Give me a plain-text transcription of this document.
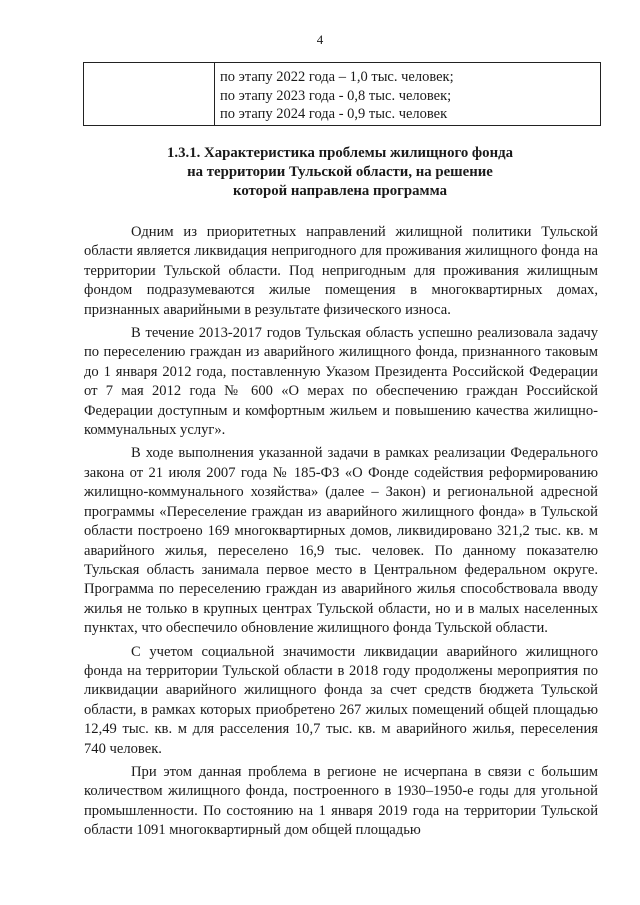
4
по этапу 2022 года – 1,0 тыс. человек;
по этапу 2023 года - 0,8 тыс. человек;
по этапу 2024 года - 0,9 тыс. человек
1.3.1. Характеристика проблемы жилищного фонда
на территории Тульской области, на решение
которой направлена программа

Одним из приоритетных направлений жилищной политики Тульской области является ликвидация непригодного для проживания жилищного фонда на территории Тульской области. Под непригодным для проживания жилищным фондом подразумеваются жилые помещения в многоквартирных домах, признанных аварийными в результате физического износа.

В течение 2013-2017 годов Тульская область успешно реализовала задачу по переселению граждан из аварийного жилищного фонда, признанного таковым до 1 января 2012 года, поставленную Указом Президента Российской Федерации от 7 мая 2012 года № 600 «О мерах по обеспечению граждан Российской Федерации доступным и комфортным жильем и повышению качества жилищно-коммунальных услуг».

В ходе выполнения указанной задачи в рамках реализации Федерального закона от 21 июля 2007 года № 185-ФЗ «О Фонде содействия реформированию жилищно-коммунального хозяйства» (далее – Закон) и региональной адресной программы «Переселение граждан из аварийного жилищного фонда» в Тульской области построено 169 многоквартирных домов, ликвидировано 321,2 тыс. кв. м аварийного жилья, переселено 16,9 тыс. человек. По данному показателю Тульская область занимала первое место в Центральном федеральном округе. Программа по переселению граждан из аварийного жилья способствовала вводу жилья не только в крупных центрах Тульской области, но и в малых населенных пунктах, что обеспечило обновление жилищного фонда Тульской области.

С учетом социальной значимости ликвидации аварийного жилищного фонда на территории Тульской области в 2018 году продолжены мероприятия по ликвидации аварийного жилищного фонда за счет средств бюджета Тульской области, в рамках которых приобретено 267 жилых помещений общей площадью 12,49 тыс. кв. м для расселения 10,7 тыс. кв. м аварийного жилья, переселения 740 человек.

При этом данная проблема в регионе не исчерпана в связи с большим количеством жилищного фонда, построенного в 1930–1950-е годы для угольной промышленности. По состоянию на 1 января 2019 года на территории Тульской области 1091 многоквартирный дом общей площадью
